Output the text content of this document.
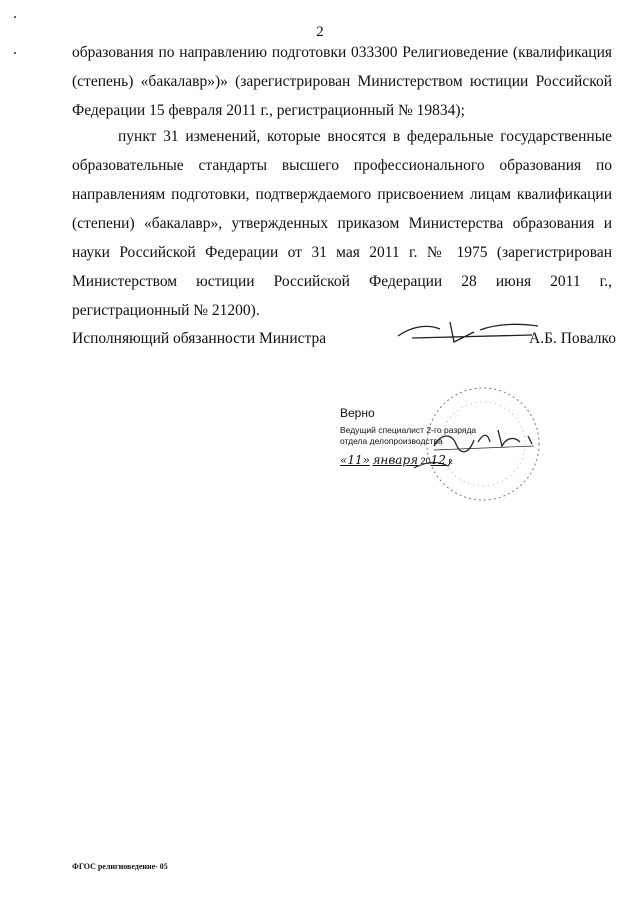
2
образования по направлению подготовки 033300 Религиоведение (квалификация (степень) «бакалавр»)» (зарегистрирован Министерством юстиции Российской Федерации 15 февраля 2011 г., регистрационный № 19834);
пункт 31 изменений, которые вносятся в федеральные государственные образовательные стандарты высшего профессионального образования по направлениям подготовки, подтверждаемого присвоением лицам квалификации (степени) «бакалавр», утвержденных приказом Министерства образования и науки Российской Федерации от 31 мая 2011 г. № 1975 (зарегистрирован Министерством юстиции Российской Федерации 28 июня 2011 г., регистрационный № 21200).
Исполняющий обязанности Министра	А.Б. Повалко
Верно
Ведущий специалист 2-го разряда
отдела делопроизводства
«11» января 2012 г.
ФГОС религиоведение- 05
